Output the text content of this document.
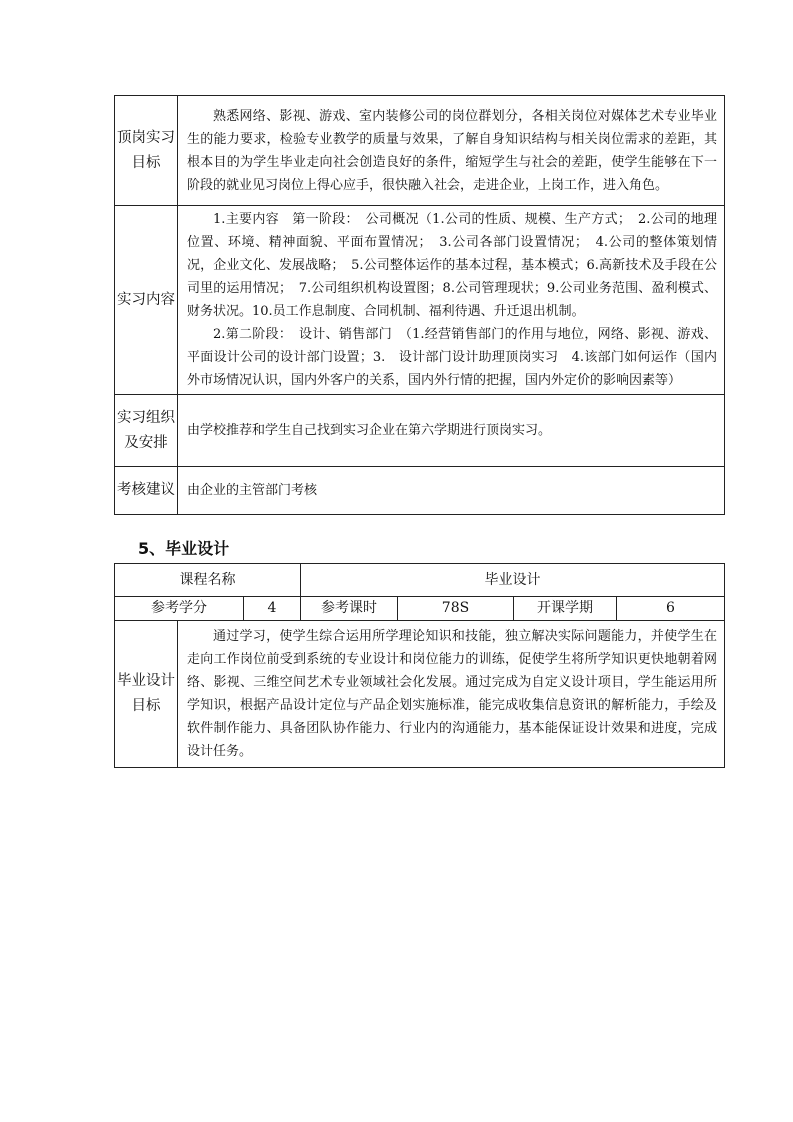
顶岗实习目标	熟悉网络、影视、游戏、室内装修公司的岗位群划分，各相关岗位对媒体艺术专业毕业生的能力要求，检验专业教学的质量与效果，了解自身知识结构与相关岗位需求的差距，其根本目的为学生毕业走向社会创造良好的条件，缩短学生与社会的差距，使学生能够在下一阶段的就业见习岗位上得心应手，很快融入社会，走进企业，上岗工作，进入角色。

实习内容	1.主要内容　第一阶段：　公司概况（1.公司的性质、规模、生产方式；　2.公司的地理位置、环境、精神面貌、平面布置情况；　3.公司各部门设置情况；　4.公司的整体策划情况，企业文化、发展战略；　5.公司整体运作的基本过程，基本模式；6.高新技术及手段在公司里的运用情况；　7.公司组织机构设置图；8.公司管理现状；9.公司业务范围、盈利模式、财务状况。10.员工作息制度、合同机制、福利待遇、升迁退出机制。
2.第二阶段：　设计、销售部门　（1.经营销售部门的作用与地位，网络、影视、游戏、平面设计公司的设计部门设置；3.　设计部门设计助理顶岗实习　4.该部门如何运作（国内外市场情况认识，国内外客户的关系，国内外行情的把握，国内外定价的影响因素等）

实习组织及安排	由学校推荐和学生自己找到实习企业在第六学期进行顶岗实习。

考核建议	由企业的主管部门考核
5、毕业设计
课程名称			毕业设计			
参考学分		4	参考课时	78S	开课学期	6
毕业设计目标	通过学习，使学生综合运用所学理论知识和技能，独立解决实际问题能力，并使学生在走向工作岗位前受到系统的专业设计和岗位能力的训练，促使学生将所学知识更快地朝着网络、影视、三维空间艺术专业领域社会化发展。通过完成为自定义设计项目，学生能运用所学知识，根据产品设计定位与产品企划实施标准，能完成收集信息资讯的解析能力，手绘及软件制作能力、具备团队协作能力、行业内的沟通能力，基本能保证设计效果和进度，完成设计任务。					
